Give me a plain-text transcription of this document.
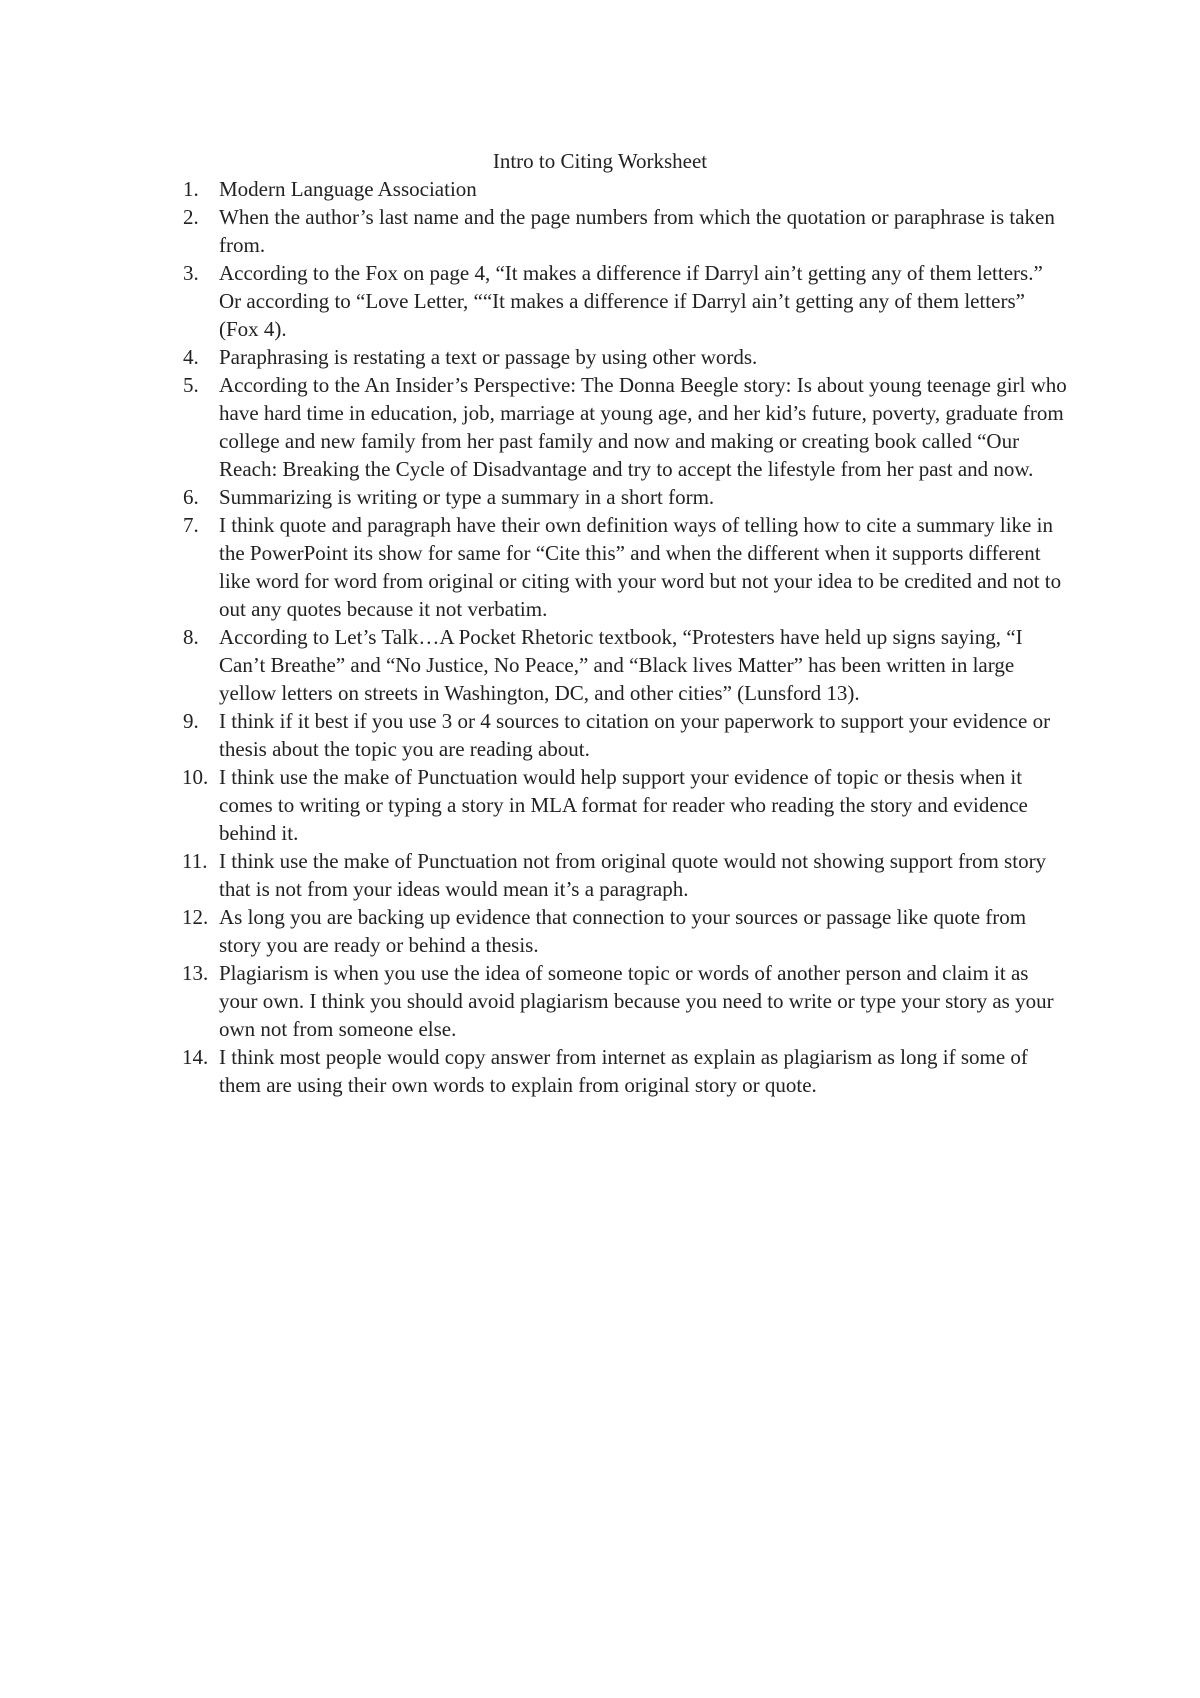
Intro to Citing Worksheet
1. Modern Language Association
2. When the author’s last name and the page numbers from which the quotation or paraphrase is taken from.
3. According to the Fox on page 4, “It makes a difference if Darryl ain’t getting any of them letters.” Or according to “Love Letter, ““It makes a difference if Darryl ain’t getting any of them letters” (Fox 4).
4. Paraphrasing is restating a text or passage by using other words.
5. According to the An Insider’s Perspective: The Donna Beegle story: Is about young teenage girl who have hard time in education, job, marriage at young age, and her kid’s future, poverty, graduate from college and new family from her past family and now and making or creating book called “Our Reach: Breaking the Cycle of Disadvantage and try to accept the lifestyle from her past and now.
6. Summarizing is writing or type a summary in a short form.
7. I think quote and paragraph have their own definition ways of telling how to cite a summary like in the PowerPoint its show for same for “Cite this” and when the different when it supports different like word for word from original or citing with your word but not your idea to be credited and not to out any quotes because it not verbatim.
8. According to Let’s Talk…A Pocket Rhetoric textbook, “Protesters have held up signs saying, “I Can’t Breathe” and “No Justice, No Peace,” and “Black lives Matter” has been written in large yellow letters on streets in Washington, DC, and other cities” (Lunsford 13).
9. I think if it best if you use 3 or 4 sources to citation on your paperwork to support your evidence or thesis about the topic you are reading about.
10. I think use the make of Punctuation would help support your evidence of topic or thesis when it comes to writing or typing a story in MLA format for reader who reading the story and evidence behind it.
11. I think use the make of Punctuation not from original quote would not showing support from story that is not from your ideas would mean it’s a paragraph.
12. As long you are backing up evidence that connection to your sources or passage like quote from story you are ready or behind a thesis.
13. Plagiarism is when you use the idea of someone topic or words of another person and claim it as your own. I think you should avoid plagiarism because you need to write or type your story as your own not from someone else.
14. I think most people would copy answer from internet as explain as plagiarism as long if some of them are using their own words to explain from original story or quote.
